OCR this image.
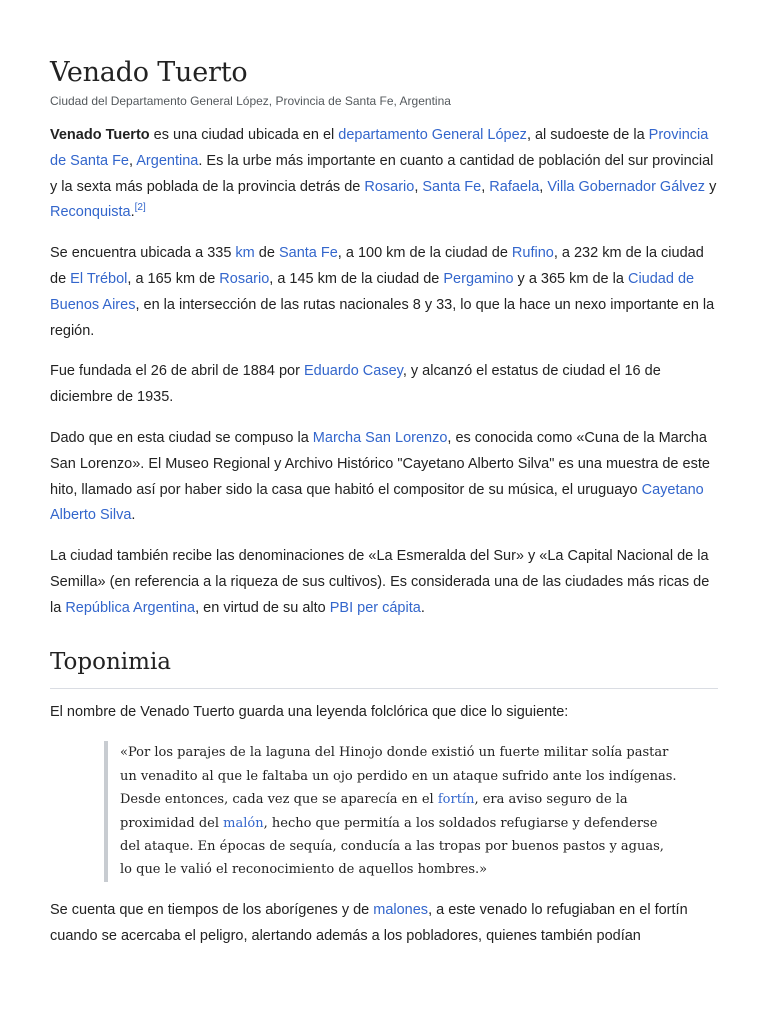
Venado Tuerto
Ciudad del Departamento General López, Provincia de Santa Fe, Argentina

Venado Tuerto es una ciudad ubicada en el departamento General López, al sudoeste de la Provincia de Santa Fe, Argentina. Es la urbe más importante en cuanto a cantidad de población del sur provincial y la sexta más poblada de la provincia detrás de Rosario, Santa Fe, Rafaela, Villa Gobernador Gálvez y Reconquista.[2]

Se encuentra ubicada a 335 km de Santa Fe, a 100 km de la ciudad de Rufino, a 232 km de la ciudad de El Trébol, a 165 km de Rosario, a 145 km de la ciudad de Pergamino y a 365 km de la Ciudad de Buenos Aires, en la intersección de las rutas nacionales 8 y 33, lo que la hace un nexo importante en la región.

Fue fundada el 26 de abril de 1884 por Eduardo Casey, y alcanzó el estatus de ciudad el 16 de diciembre de 1935.

Dado que en esta ciudad se compuso la Marcha San Lorenzo, es conocida como «Cuna de la Marcha San Lorenzo». El Museo Regional y Archivo Histórico "Cayetano Alberto Silva" es una muestra de este hito, llamado así por haber sido la casa que habitó el compositor de su música, el uruguayo Cayetano Alberto Silva.

La ciudad también recibe las denominaciones de «La Esmeralda del Sur» y «La Capital Nacional de la Semilla» (en referencia a la riqueza de sus cultivos). Es considerada una de las ciudades más ricas de la República Argentina, en virtud de su alto PBI per cápita.

Toponimia

El nombre de Venado Tuerto guarda una leyenda folclórica que dice lo siguiente:

«Por los parajes de la laguna del Hinojo donde existió un fuerte militar solía pastar un venadito al que le faltaba un ojo perdido en un ataque sufrido ante los indígenas. Desde entonces, cada vez que se aparecía en el fortín, era aviso seguro de la proximidad del malón, hecho que permitía a los soldados refugiarse y defenderse del ataque. En épocas de sequía, conducía a las tropas por buenos pastos y aguas, lo que le valió el reconocimiento de aquellos hombres.»

Se cuenta que en tiempos de los aborígenes y de malones, a este venado lo refugiaban en el fortín cuando se acercaba el peligro, alertando además a los pobladores, quienes también podían
